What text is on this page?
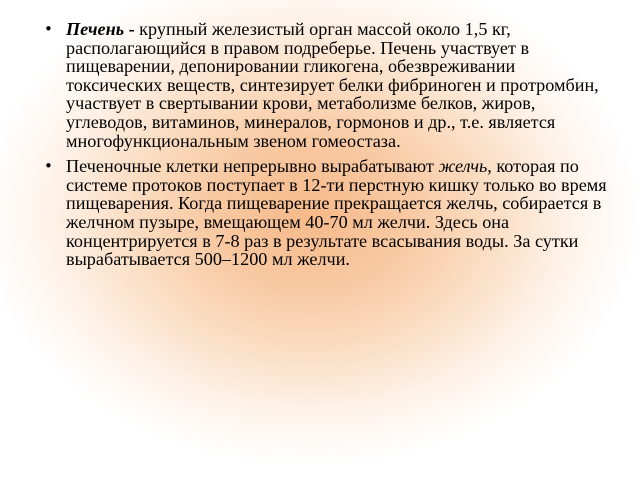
• Печень - крупный железистый орган массой около 1,5 кг, располагающийся в правом подреберье. Печень участвует в пищеварении, депонировании гликогена, обезвреживании токсических веществ, синтезирует белки фибриноген и протромбин, участвует в свертывании крови, метаболизме белков, жиров, углеводов, витаминов, минералов, гормонов и др., т.е. является многофункциональным звеном гомеостаза.
• Печеночные клетки непрерывно вырабатывают желчь, которая по системе протоков поступает в 12-ти перстную кишку только во время пищеварения. Когда пищеварение прекращается желчь, собирается в желчном пузыре, вмещающем 40-70 мл желчи. Здесь она концентрируется в 7-8 раз в результате всасывания воды. За сутки вырабатывается 500–1200 мл желчи.
